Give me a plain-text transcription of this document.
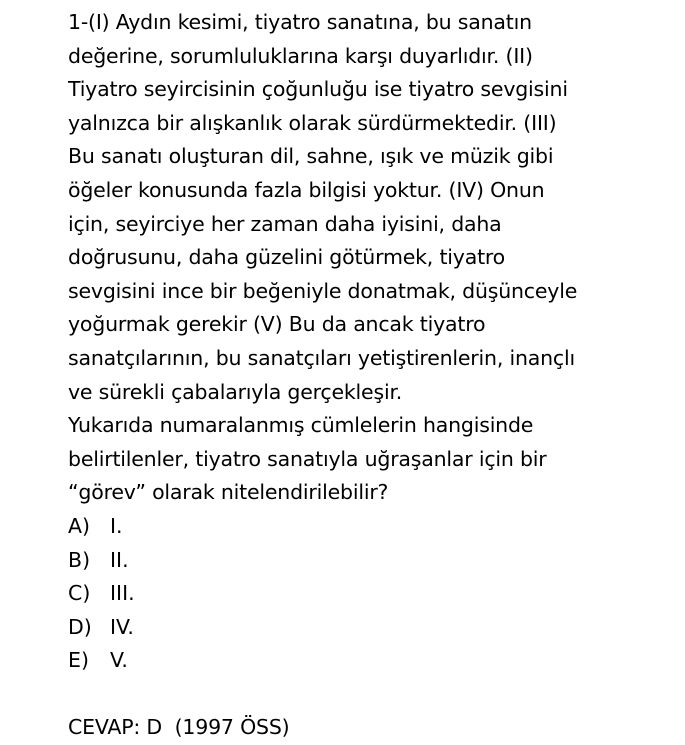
1-(I) Aydın kesimi, tiyatro sanatına, bu sanatın
değerine, sorumluluklarına karşı duyarlıdır. (II)
Tiyatro seyircisinin çoğunluğu ise tiyatro sevgisini
yalnızca bir alışkanlık olarak sürdürmektedir. (III)
Bu sanatı oluşturan dil, sahne, ışık ve müzik gibi
öğeler konusunda fazla bilgisi yoktur. (IV) Onun
için, seyirciye her zaman daha iyisini, daha
doğrusunu, daha güzelini götürmek, tiyatro
sevgisini ince bir beğeniyle donatmak, düşünceyle
yoğurmak gerekir (V) Bu da ancak tiyatro
sanatçılarının, bu sanatçıları yetiştirenlerin, inançlı
ve sürekli çabalarıyla gerçekleşir.
Yukarıda numaralanmış cümlelerin hangisinde
belirtilenler, tiyatro sanatıyla uğraşanlar için bir
“görev” olarak nitelendirilebilir?
A) I.
B) II.
C) III.
D) IV.
E)	V.
CEVAP: D  (1997 ÖSS)
